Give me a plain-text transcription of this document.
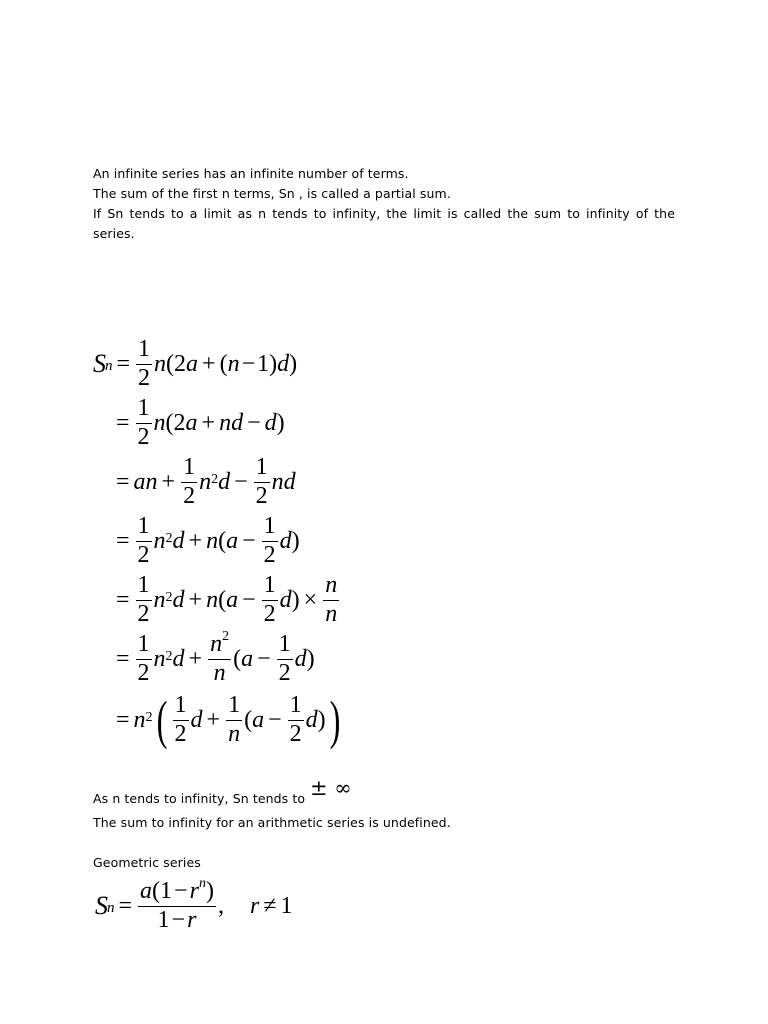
An infinite series has an infinite number of terms.
The sum of the first n terms, Sn , is called a partial sum.
If Sn tends to a limit as n tends to infinity, the limit is called the sum to infinity of the series.
$S_n = \frac{1}{2}$ n (2 a + ( n − 1) d )
= $\frac{1}{2}$ n (2 a + nd − d )
= an + $\frac{1}{2} n^2$ $d - \frac{1}{2}$ nd
= $\frac{1}{2} n^2$ d + n ( $a - \frac{1}{2}$ d )
= $\frac{1}{2} n^2$ d + n ( $a - \frac{1}{2}$ d ) × $\frac{n}{n}$
= $\frac{1}{2} n^2$ $d + \frac{n^2}{n}$ ( $a - \frac{1}{2}$ d )
= $n^2$ ( $\frac{1}{2}$ $d + \frac{1}{n}$ ( $a - \frac{1}{2}$ d ) )
As n tends to infinity, Sn tends to ± ∞
The sum to infinity for an arithmetic series is undefined.
Geometric series
$S_n = \frac{a(1-r^n)}{1-r}$ , r ≠ 1
